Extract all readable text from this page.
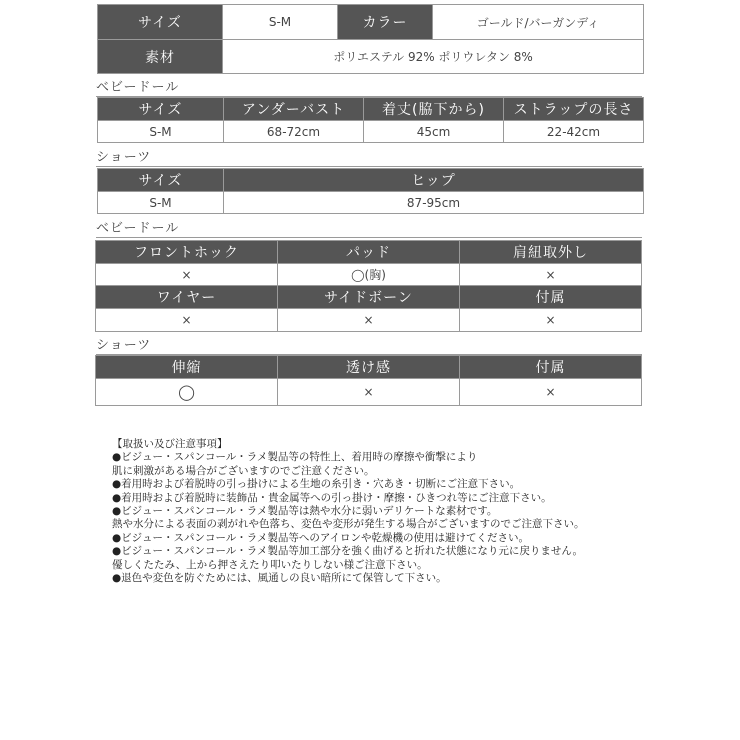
サイズ	S-M	カラー	ゴールド/バーガンディ
素材	ポリエステル 92% ポリウレタン 8%		
ベビードール
サイズ	アンダーバスト	着丈(脇下から)	ストラップの長さ
S-M	68-72cm	45cm	22-42cm
ショーツ
サイズ	ヒップ
S-M	87-95cm
ベビードール
フロントホック	パッド	肩紐取外し
×	◯(胸)	×
ワイヤー	サイドボーン	付属
×	×	×
ショーツ
伸縮	透け感	付属
◯	×	×
【取扱い及び注意事項】
●ビジュー・スパンコール・ラメ製品等の特性上、着用時の摩擦や衝撃により
肌に刺激がある場合がございますのでご注意ください。
●着用時および着脱時の引っ掛けによる生地の糸引き・穴あき・切断にご注意下さい。
●着用時および着脱時に装飾品・貴金属等への引っ掛け・摩擦・ひきつれ等にご注意下さい。
●ビジュー・スパンコール・ラメ製品等は熱や水分に弱いデリケートな素材です。
熱や水分による表面の剥がれや色落ち、変色や変形が発生する場合がございますのでご注意下さい。
●ビジュー・スパンコール・ラメ製品等へのアイロンや乾燥機の使用は避けてください。
●ビジュー・スパンコール・ラメ製品等加工部分を強く曲げると折れた状態になり元に戻りません。
優しくたたみ、上から押さえたり叩いたりしない様ご注意下さい。
●退色や変色を防ぐためには、風通しの良い暗所にて保管して下さい。
